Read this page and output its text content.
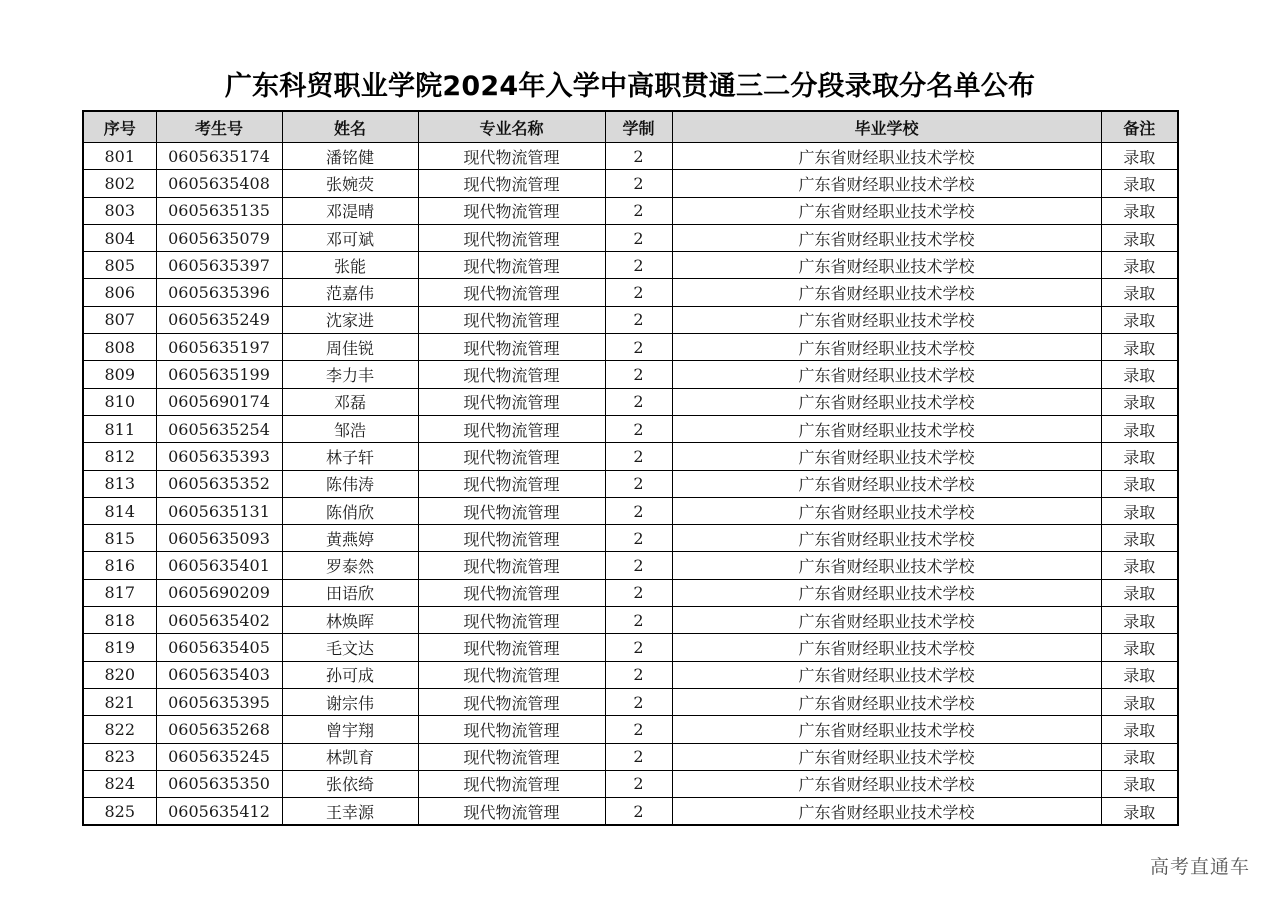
广东科贸职业学院2024年入学中高职贯通三二分段录取分名单公布
序号	考生号	姓名	专业名称	学制	毕业学校	备注
801	0605635174	潘铭健	现代物流管理	2	广东省财经职业技术学校	录取
802	0605635408	张婉荧	现代物流管理	2	广东省财经职业技术学校	录取
803	0605635135	邓湜晴	现代物流管理	2	广东省财经职业技术学校	录取
804	0605635079	邓可斌	现代物流管理	2	广东省财经职业技术学校	录取
805	0605635397	张能	现代物流管理	2	广东省财经职业技术学校	录取
806	0605635396	范嘉伟	现代物流管理	2	广东省财经职业技术学校	录取
807	0605635249	沈家进	现代物流管理	2	广东省财经职业技术学校	录取
808	0605635197	周佳锐	现代物流管理	2	广东省财经职业技术学校	录取
809	0605635199	李力丰	现代物流管理	2	广东省财经职业技术学校	录取
810	0605690174	邓磊	现代物流管理	2	广东省财经职业技术学校	录取
811	0605635254	邹浩	现代物流管理	2	广东省财经职业技术学校	录取
812	0605635393	林子轩	现代物流管理	2	广东省财经职业技术学校	录取
813	0605635352	陈伟涛	现代物流管理	2	广东省财经职业技术学校	录取
814	0605635131	陈俏欣	现代物流管理	2	广东省财经职业技术学校	录取
815	0605635093	黄燕婷	现代物流管理	2	广东省财经职业技术学校	录取
816	0605635401	罗泰然	现代物流管理	2	广东省财经职业技术学校	录取
817	0605690209	田语欣	现代物流管理	2	广东省财经职业技术学校	录取
818	0605635402	林焕晖	现代物流管理	2	广东省财经职业技术学校	录取
819	0605635405	毛文达	现代物流管理	2	广东省财经职业技术学校	录取
820	0605635403	孙可成	现代物流管理	2	广东省财经职业技术学校	录取
821	0605635395	谢宗伟	现代物流管理	2	广东省财经职业技术学校	录取
822	0605635268	曾宇翔	现代物流管理	2	广东省财经职业技术学校	录取
823	0605635245	林凯育	现代物流管理	2	广东省财经职业技术学校	录取
824	0605635350	张依绮	现代物流管理	2	广东省财经职业技术学校	录取
825	0605635412	王幸源	现代物流管理	2	广东省财经职业技术学校	录取
高考直通车
